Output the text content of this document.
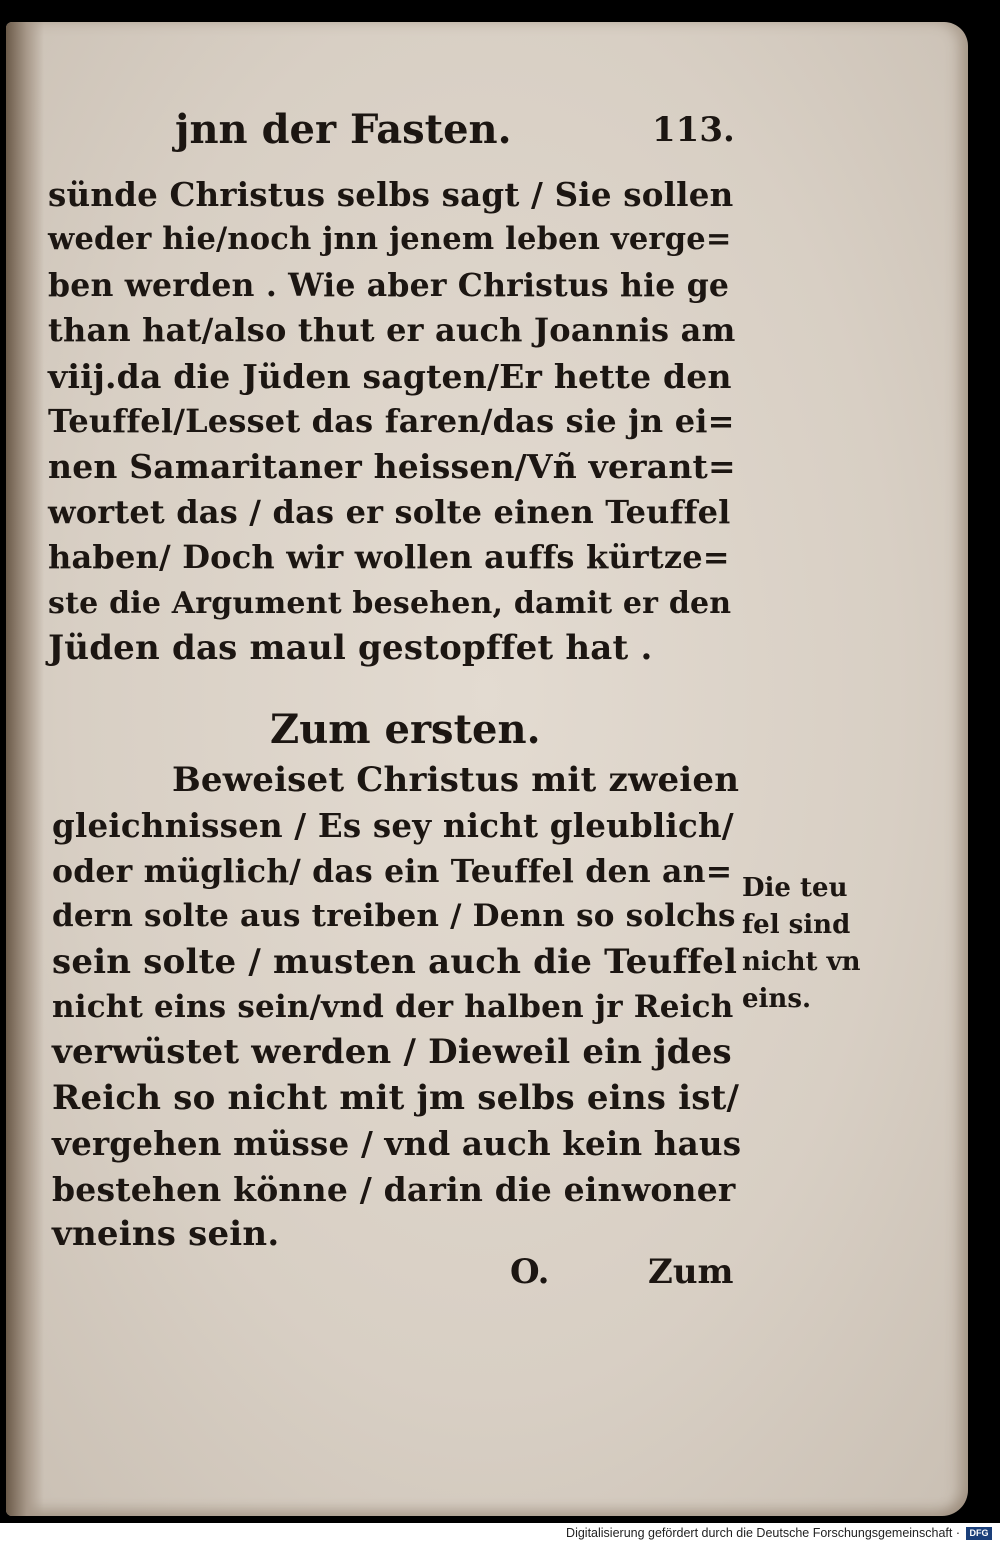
jnn der Fasten.	113.
sünde Christus selbs sagt / Sie sollen
weder hie/noch jnn jenem leben verge=
ben werden . Wie aber Christus hie ge
than hat/also thut er auch Joannis am
viij.da die Jüden sagten/Er hette den
Teuffel/Lesset das faren/das sie jn ei=
nen Samaritaner heissen/Vñ verant=
wortet das / das er solte einen Teuffel
haben/ Doch wir wollen auffs kürtze=
ste die Argument besehen, damit er den
Jüden das maul gestopffet hat .
Zum ersten.
Beweiset Christus mit zweien
gleichnissen / Es sey nicht gleublich/
oder müglich/ das ein Teuffel den an=
dern solte aus treiben / Denn so solchs
sein solte / musten auch die Teuffel
nicht eins sein/vnd der halben jr Reich
verwüstet werden / Dieweil ein jdes
Reich so nicht mit jm selbs eins ist/
vergehen müsse / vnd auch kein haus
bestehen könne / darin die einwoner
vneins sein.
Die teu
fel sind
nicht vn
eins.
O.	Zum
Digitalisierung gefördert durch die Deutsche Forschungsgemeinschaft ·	DFG
